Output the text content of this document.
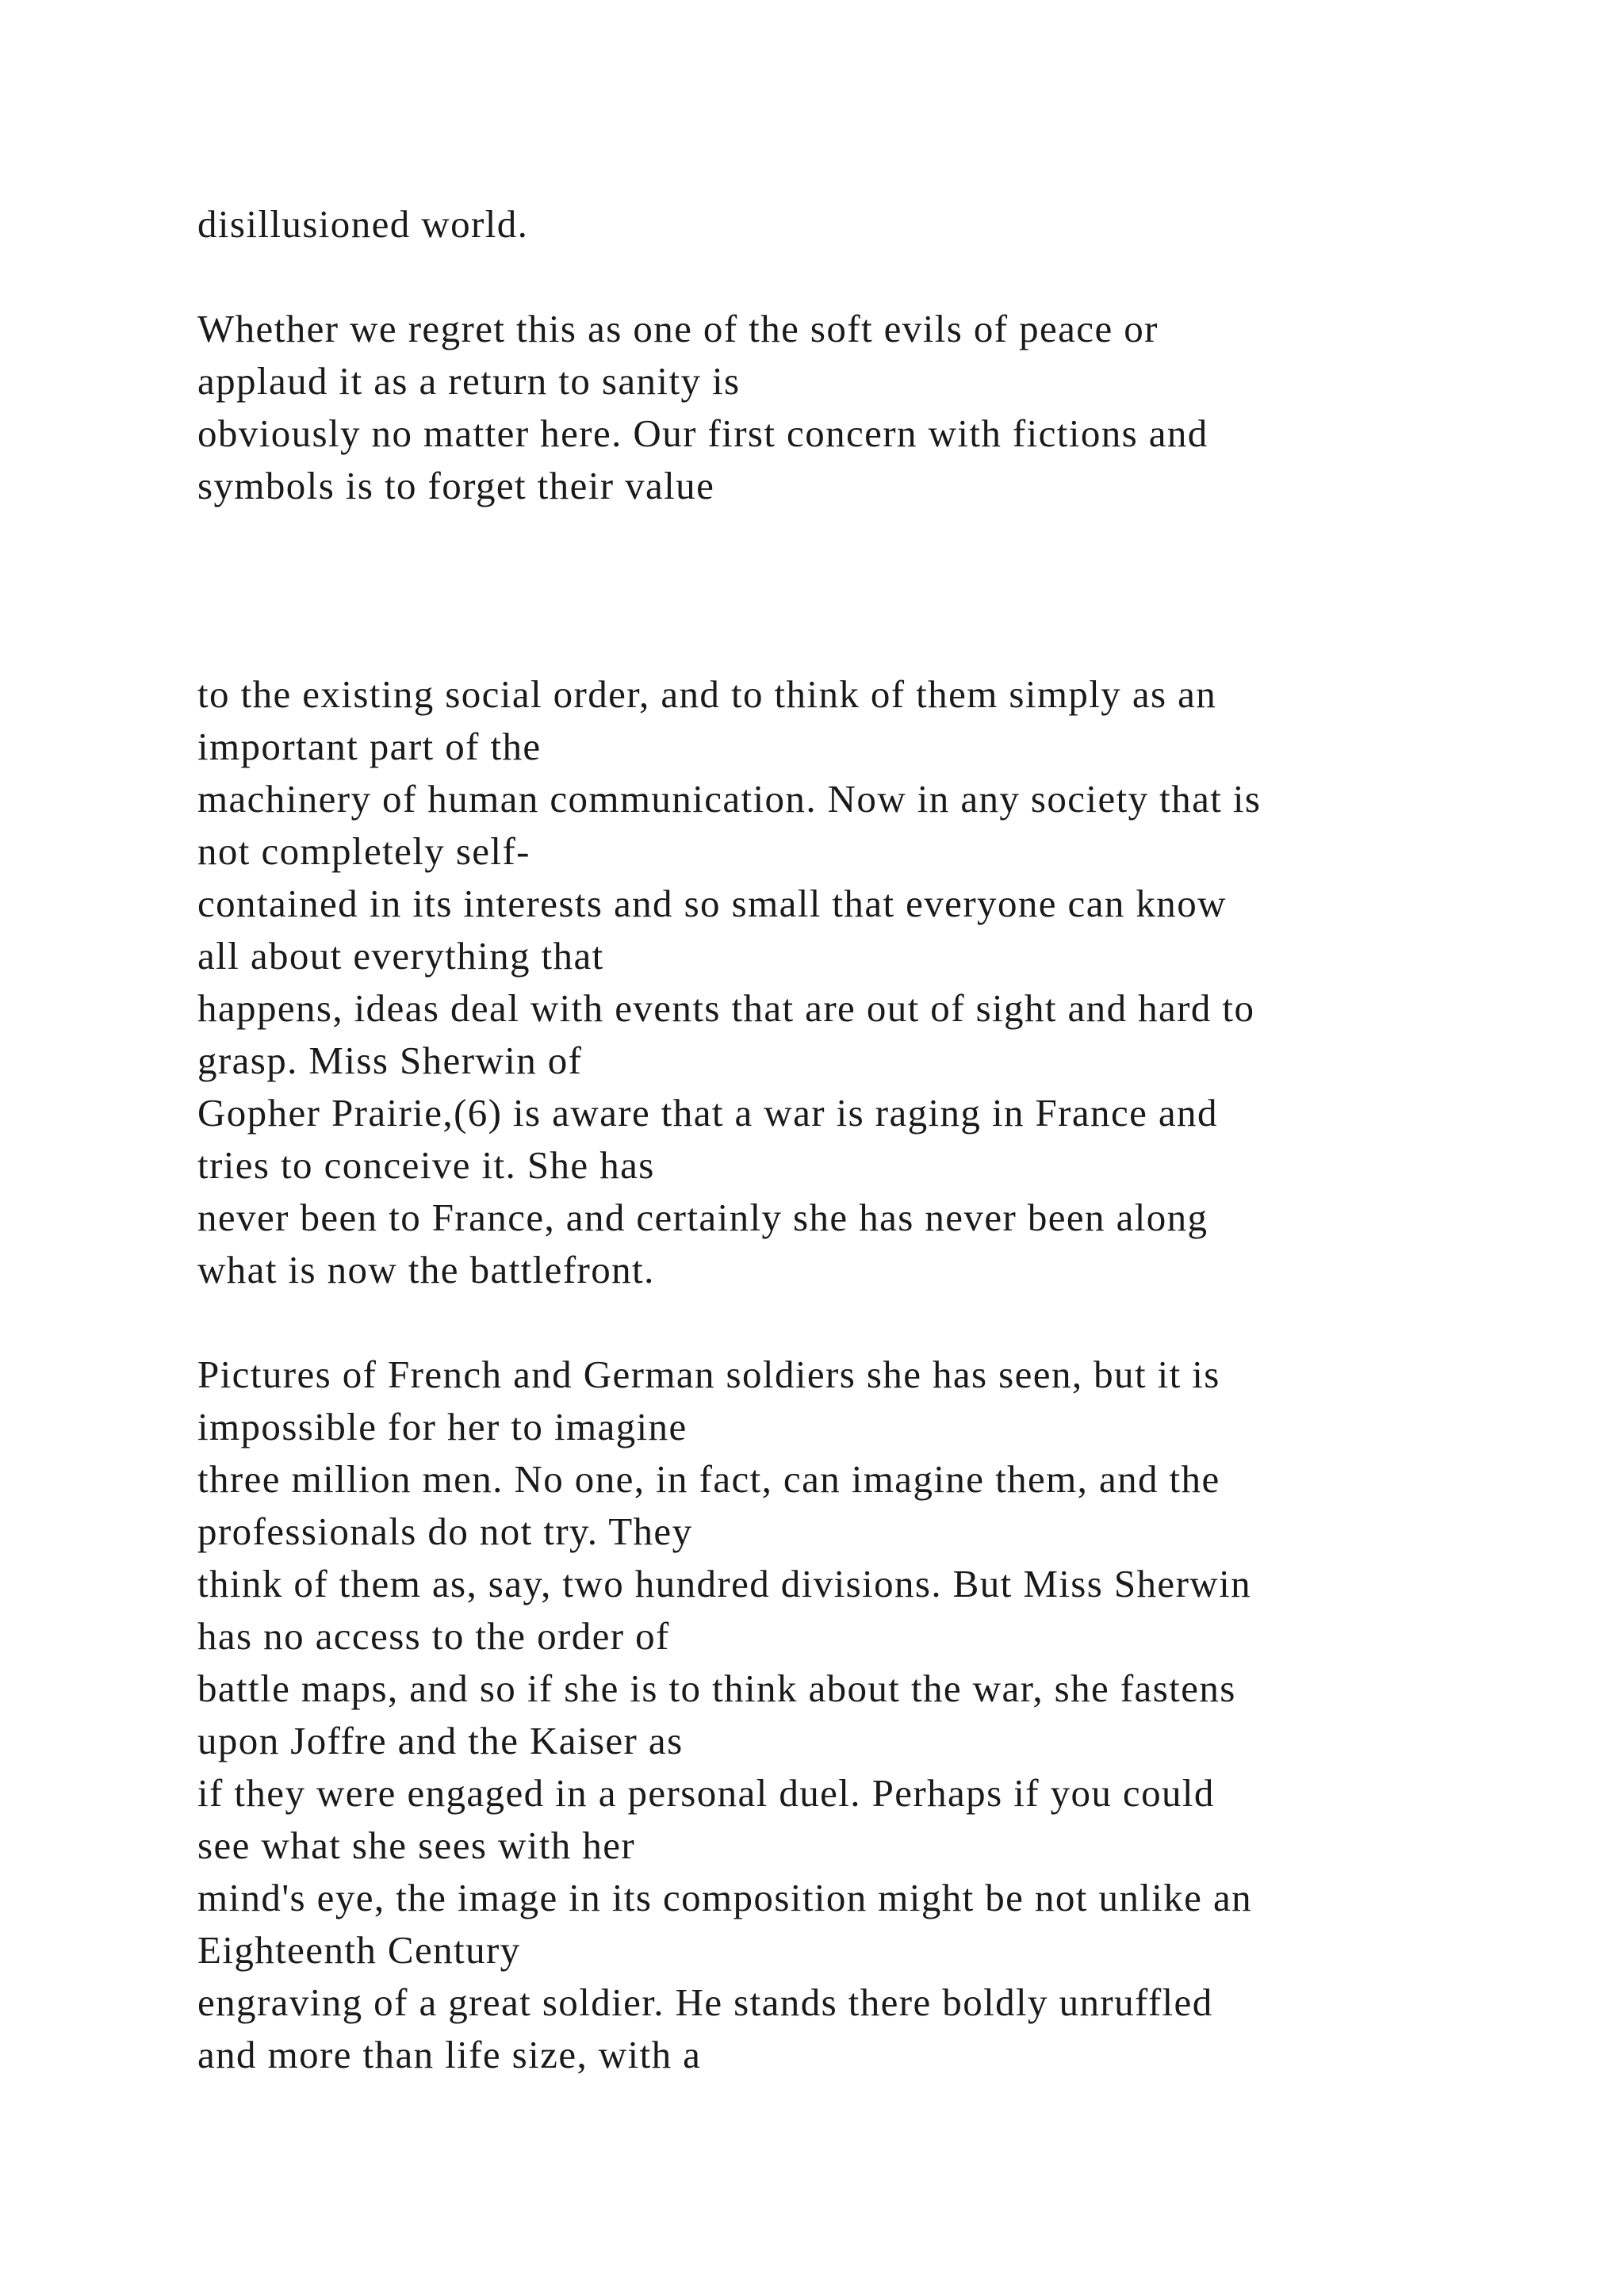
disillusioned world.
Whether we regret this as one of the soft evils of peace or
applaud it as a return to sanity is
obviously no matter here. Our first concern with fictions and
symbols is to forget their value
to the existing social order, and to think of them simply as an
important part of the
machinery of human communication. Now in any society that is
not completely self-
contained in its interests and so small that everyone can know
all about everything that
happens, ideas deal with events that are out of sight and hard to
grasp. Miss Sherwin of
Gopher Prairie,(6) is aware that a war is raging in France and
tries to conceive it. She has
never been to France, and certainly she has never been along
what is now the battlefront.
Pictures of French and German soldiers she has seen, but it is
impossible for her to imagine
three million men. No one, in fact, can imagine them, and the
professionals do not try. They
think of them as, say, two hundred divisions. But Miss Sherwin
has no access to the order of
battle maps, and so if she is to think about the war, she fastens
upon Joffre and the Kaiser as
if they were engaged in a personal duel. Perhaps if you could
see what she sees with her
mind's eye, the image in its composition might be not unlike an
Eighteenth Century
engraving of a great soldier. He stands there boldly unruffled
and more than life size, with a
